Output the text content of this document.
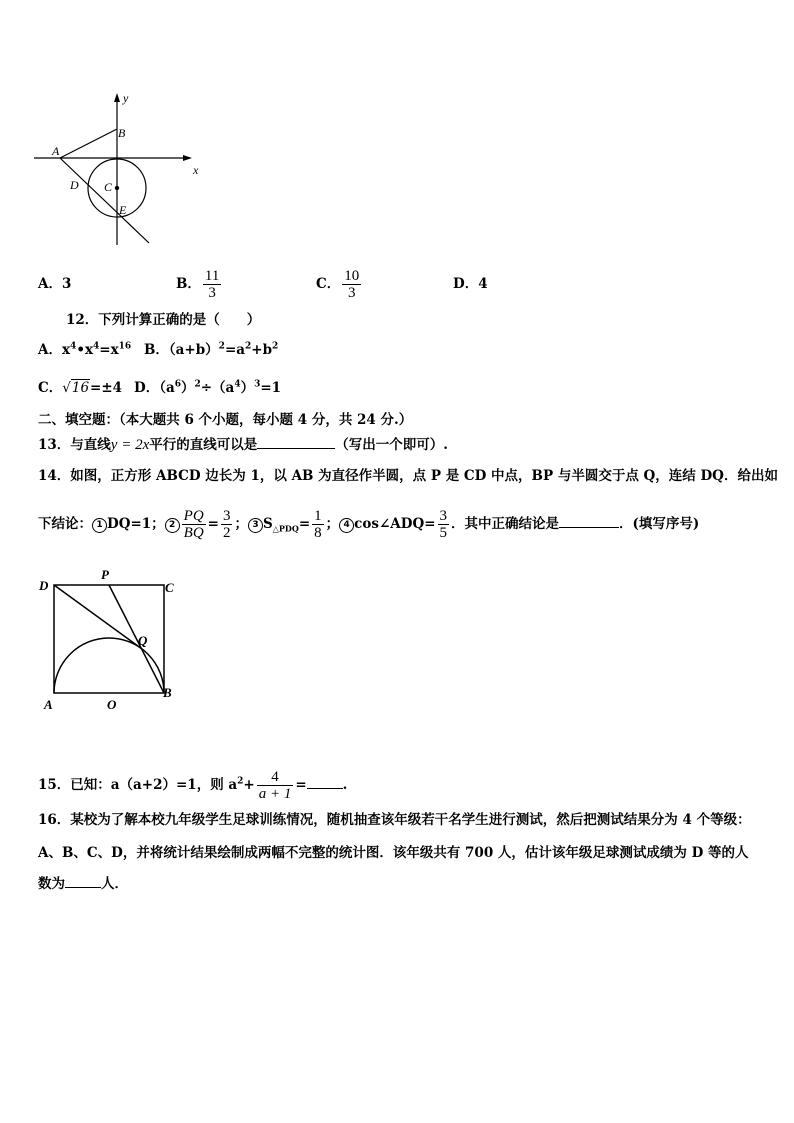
y
x
A
B
C
D
E
A．3	B． $\frac{11}{3}$	C． $\frac{10}{3}$	D．4
12．下列计算正确的是（　　）
A．$x^4•x^4=x^{16}$ B．$(a+b)^2=a^2+b^2$
C．√16=±4 D．$(a^6)^2\div(a^4)^3=1$
二、填空题：（本大题共 6 个小题，每小题 4 分，共 24 分.）
13．与直线y = 2x平行的直线可以是	（写出一个即可）.
14．如图，正方形 ABCD 边长为 1，以 AB 为直径作半圆，点 P 是 CD 中点，BP 与半圆交于点 Q，连结 DQ．给出如
下结论： 1 DQ=1； $2 \frac{PQ}{BQ} = \frac{3}{2}$ ； 3 $S_{\triangle PDQ}= \frac{1}{8}$ ； 4 cos∠ADQ= $\frac{3}{5}$ ．其中正确结论是	．(填写序号)
D
P
C
Q
A	O
B
15．已知：a（a+2）=1，则 $a^2+ \frac{4}{a + 1}$ =	.
16．某校为了解本校九年级学生足球训练情况，随机抽查该年级若干名学生进行测试，然后把测试结果分为 4 个等级：
A、B、C、D，并将统计结果绘制成两幅不完整的统计图．该年级共有 700 人，估计该年级足球测试成绩为 D 等的人
数为	人．
